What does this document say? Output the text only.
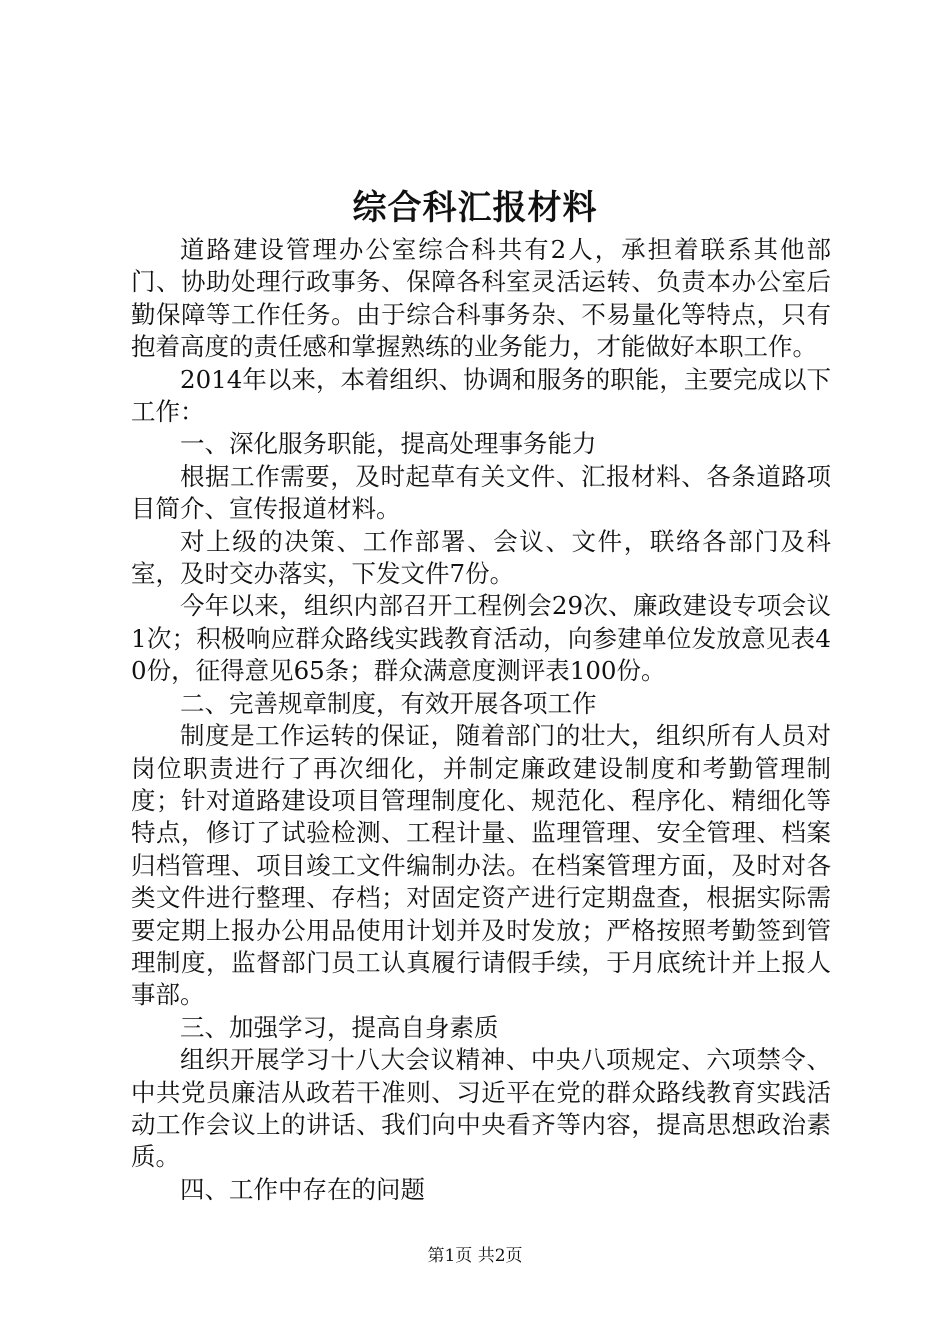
综合科汇报材料

道路建设管理办公室综合科共有2人，承担着联系其他部门、协助处理行政事务、保障各科室灵活运转、负责本办公室后勤保障等工作任务。由于综合科事务杂、不易量化等特点，只有抱着高度的责任感和掌握熟练的业务能力，才能做好本职工作。

2014年以来，本着组织、协调和服务的职能，主要完成以下工作：

一、深化服务职能，提高处理事务能力

根据工作需要，及时起草有关文件、汇报材料、各条道路项目简介、宣传报道材料。

对上级的决策、工作部署、会议、文件，联络各部门及科室，及时交办落实，下发文件7份。

今年以来，组织内部召开工程例会29次、廉政建设专项会议1次；积极响应群众路线实践教育活动，向参建单位发放意见表40份，征得意见65条；群众满意度测评表100份。

二、完善规章制度，有效开展各项工作

制度是工作运转的保证，随着部门的壮大，组织所有人员对岗位职责进行了再次细化，并制定廉政建设制度和考勤管理制度；针对道路建设项目管理制度化、规范化、程序化、精细化等特点，修订了试验检测、工程计量、监理管理、安全管理、档案归档管理、项目竣工文件编制办法。在档案管理方面，及时对各类文件进行整理、存档；对固定资产进行定期盘查，根据实际需要定期上报办公用品使用计划并及时发放；严格按照考勤签到管理制度，监督部门员工认真履行请假手续，于月底统计并上报人事部。

三、加强学习，提高自身素质

组织开展学习十八大会议精神、中央八项规定、六项禁令、中共党员廉洁从政若干准则、习近平在党的群众路线教育实践活动工作会议上的讲话、我们向中央看齐等内容，提高思想政治素质。

四、工作中存在的问题

第1页 共2页
